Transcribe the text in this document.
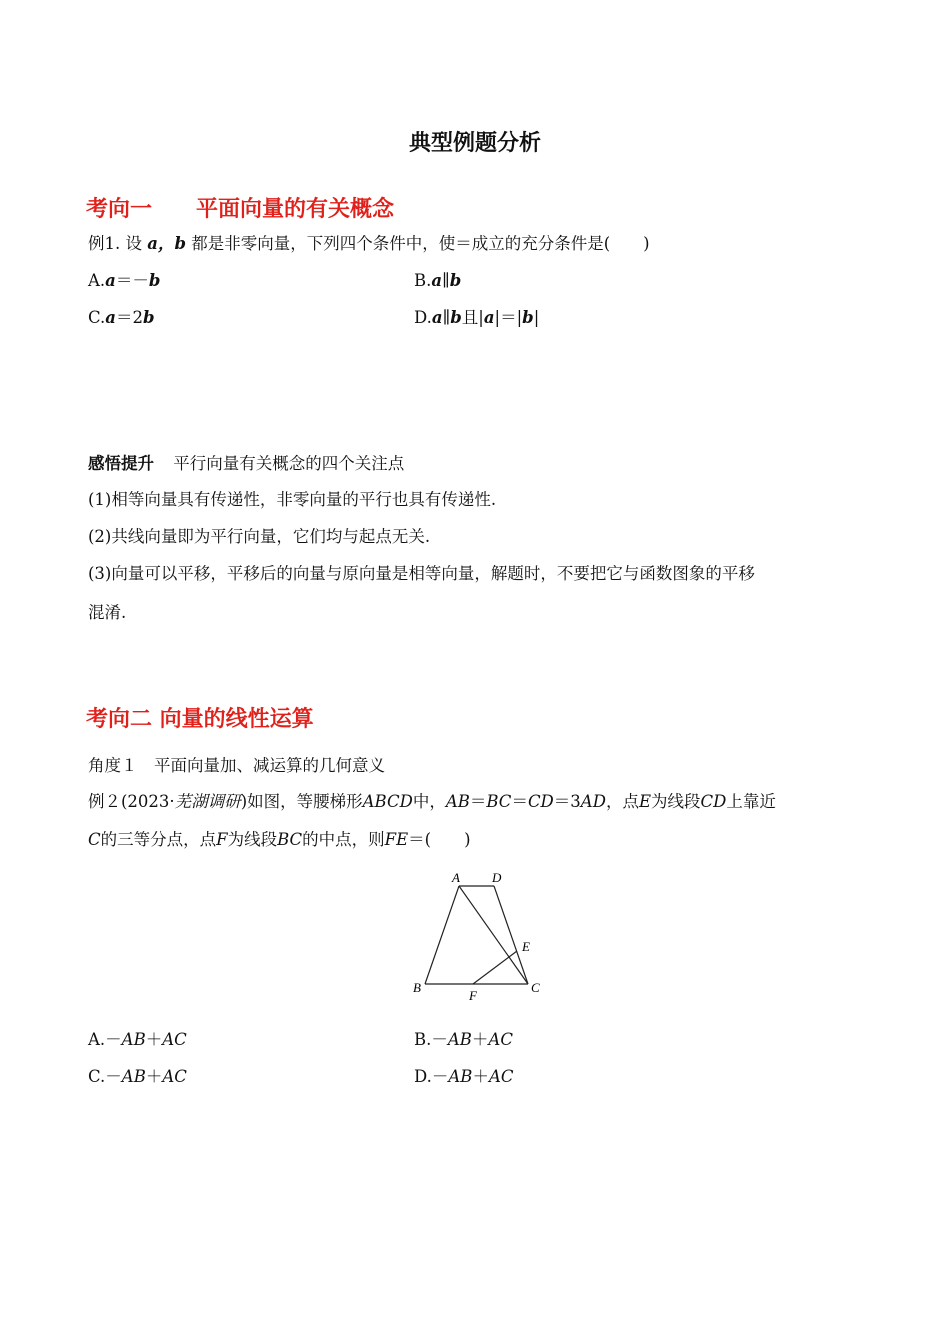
典型例题分析
考向一　　平面向量的有关概念
例1. 设 a，b 都是非零向量，下列四个条件中，使＝成立的充分条件是(　　)
A.a＝－b	B.a∥b
C.a＝2b	D.a∥b且|a|＝|b|
感悟提升 平行向量有关概念的四个关注点
(1)相等向量具有传递性，非零向量的平行也具有传递性.
(2)共线向量即为平行向量，它们均与起点无关.
(3)向量可以平移，平移后的向量与原向量是相等向量，解题时，不要把它与函数图象的平移
混淆.
考向二 向量的线性运算
角度１　平面向量加、减运算的几何意义
例２(2023·芜湖调研)如图，等腰梯形ABCD中，AB＝BC＝CD＝3AD，点E为线段CD上靠近
C的三等分点，点F为线段BC的中点，则FE＝(　　)
A D
E
B
F
C
A.－AB＋AC	B.－AB＋AC
C.－AB＋AC	D.－AB＋AC
